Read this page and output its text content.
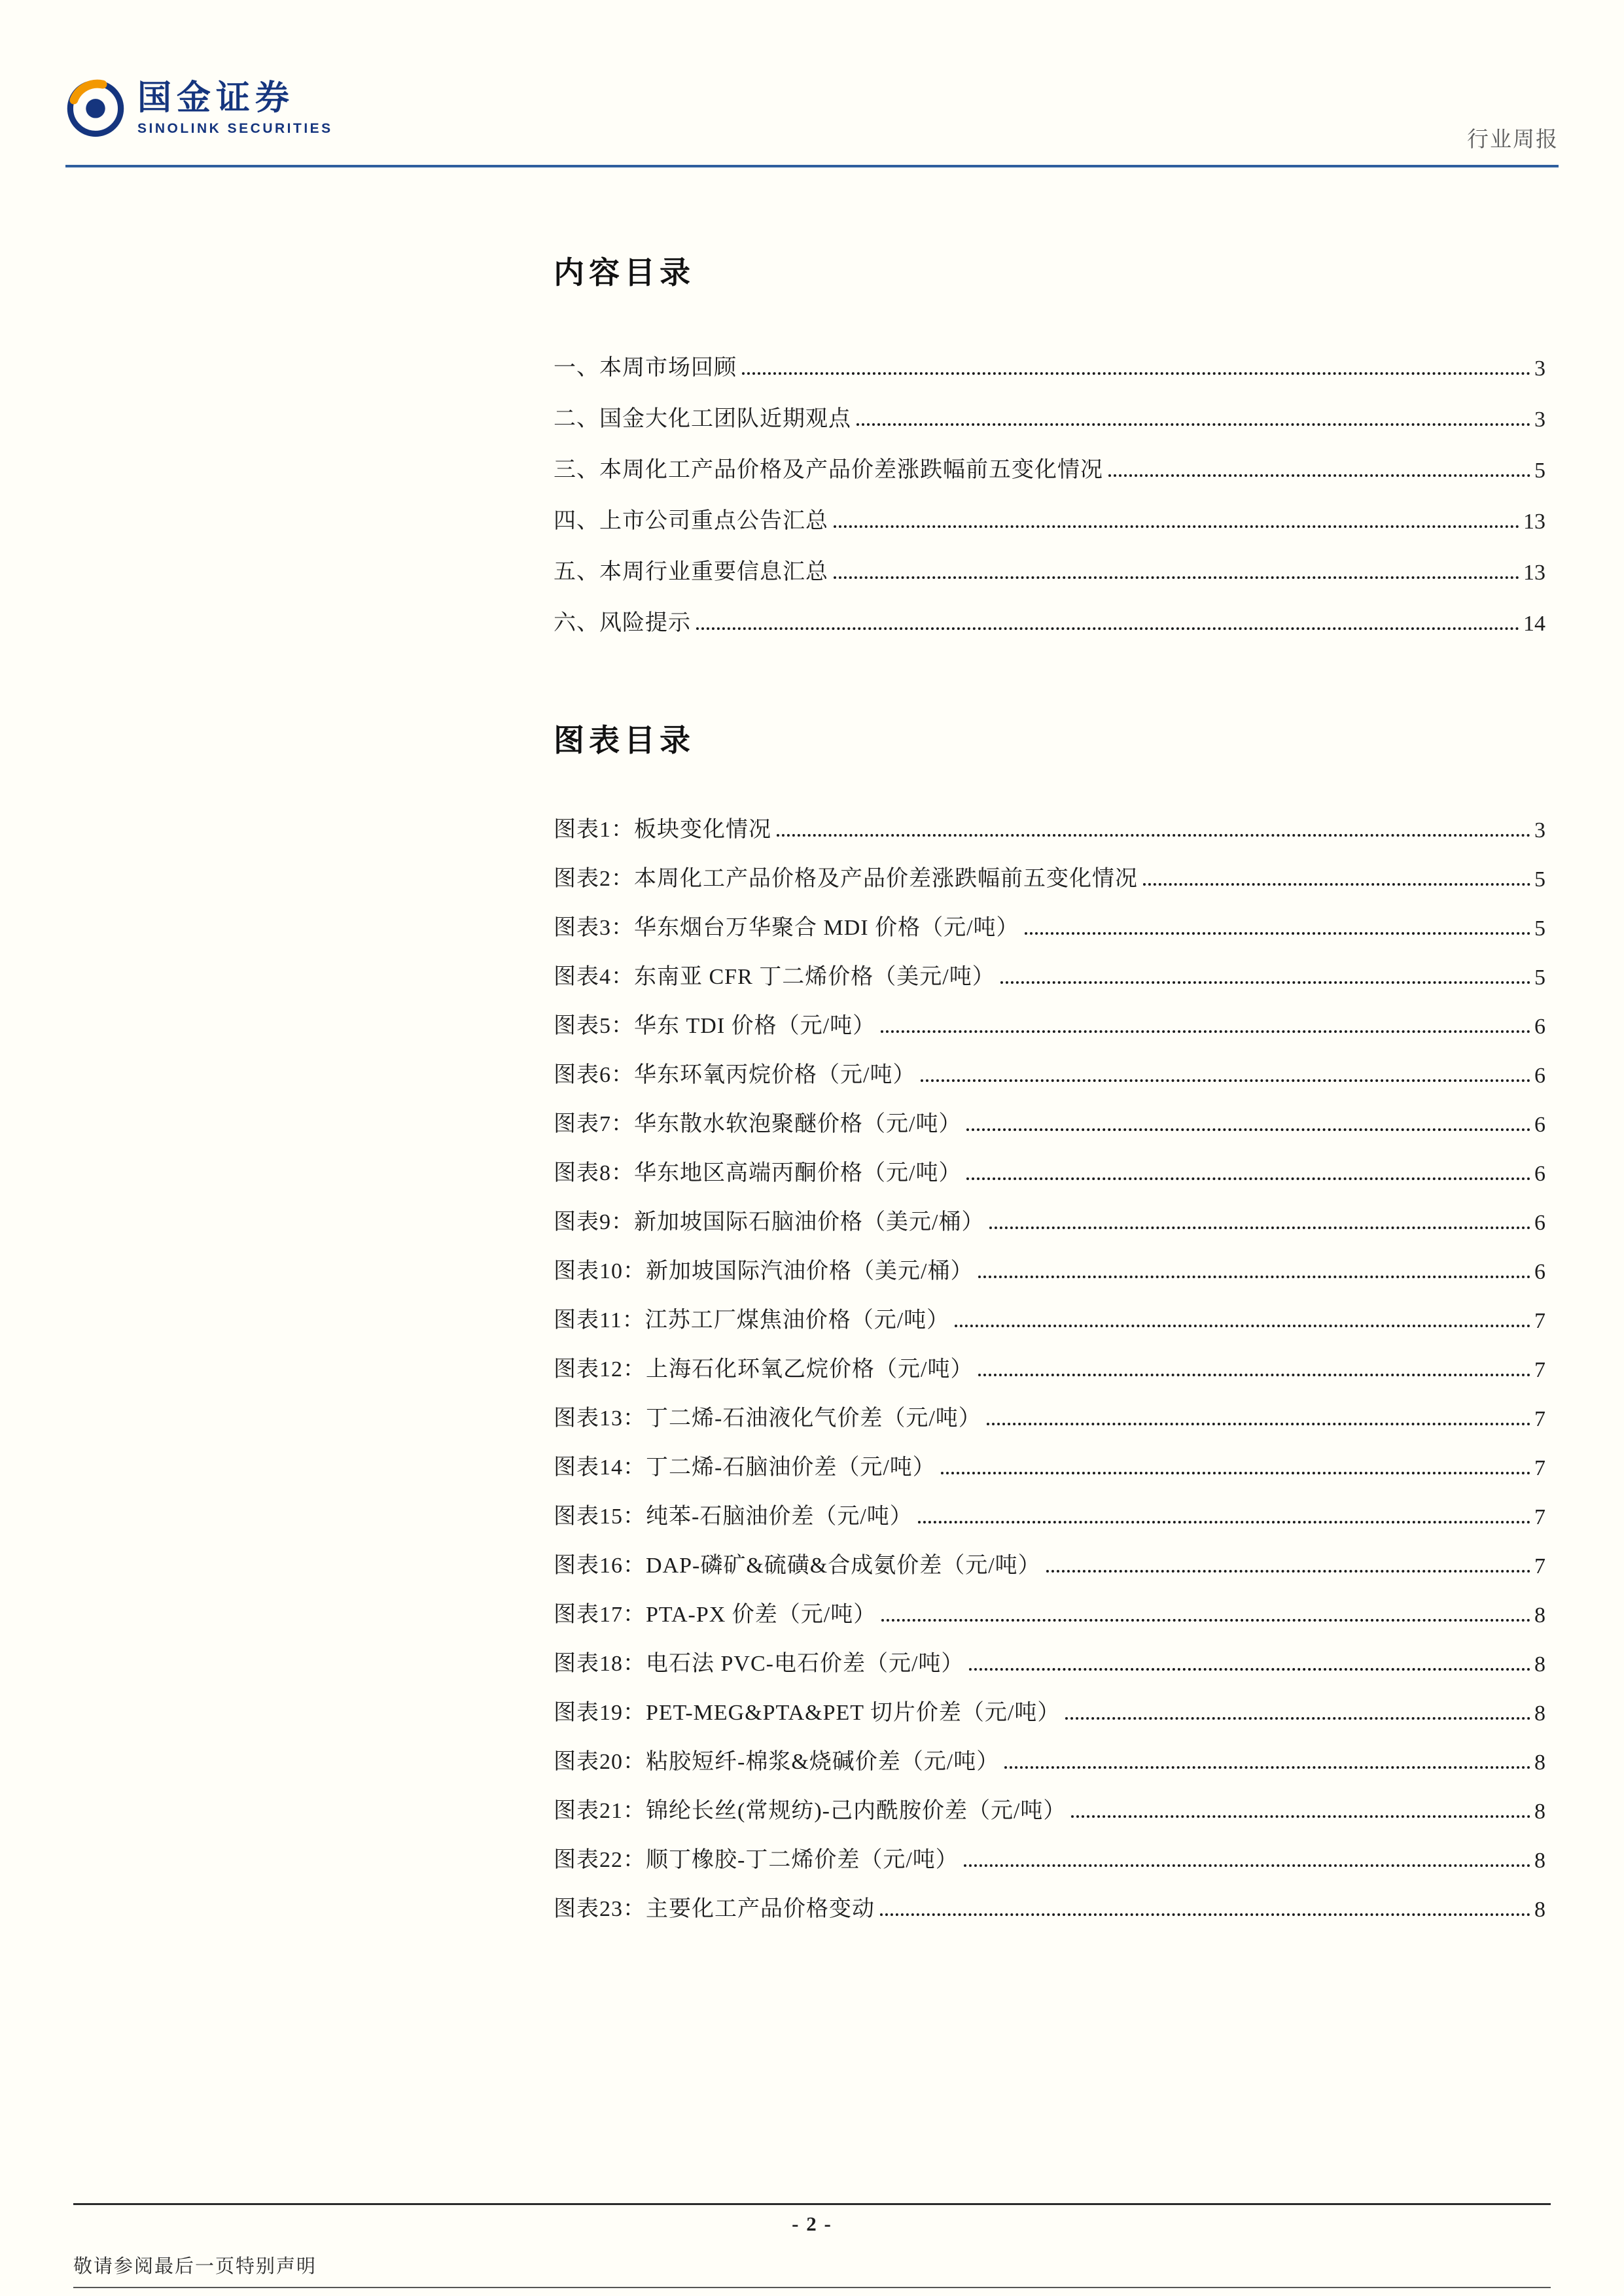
国金证券
SINOLINK SECURITIES	行业周报
内容目录
一、本周市场回顾	3
二、国金大化工团队近期观点	3
三、本周化工产品价格及产品价差涨跌幅前五变化情况	5
四、上市公司重点公告汇总	13
五、本周行业重要信息汇总	13
六、风险提示	14
图表目录
图表1：板块变化情况	3
图表2：本周化工产品价格及产品价差涨跌幅前五变化情况	5
图表3：华东烟台万华聚合 MDI 价格（元/吨）	5
图表4：东南亚 CFR 丁二烯价格（美元/吨）	5
图表5：华东 TDI 价格（元/吨）	6
图表6：华东环氧丙烷价格（元/吨）	6
图表7：华东散水软泡聚醚价格（元/吨）	6
图表8：华东地区高端丙酮价格（元/吨）	6
图表9：新加坡国际石脑油价格（美元/桶）	6
图表10：新加坡国际汽油价格（美元/桶）	6
图表11：江苏工厂煤焦油价格（元/吨）	7
图表12：上海石化环氧乙烷价格（元/吨）	7
图表13：丁二烯-石油液化气价差（元/吨）	7
图表14：丁二烯-石脑油价差（元/吨）	7
图表15：纯苯-石脑油价差（元/吨）	7
图表16：DAP-磷矿&硫磺&合成氨价差（元/吨）	7
图表17：PTA-PX 价差（元/吨）	8
图表18：电石法 PVC-电石价差（元/吨）	8
图表19：PET-MEG&PTA&PET 切片价差（元/吨）	8
图表20：粘胶短纤-棉浆&烧碱价差（元/吨）	8
图表21：锦纶长丝(常规纺)-己内酰胺价差（元/吨）	8
图表22：顺丁橡胶-丁二烯价差（元/吨）	8
图表23：主要化工产品价格变动	8
- 2 -
敬请参阅最后一页特别声明
